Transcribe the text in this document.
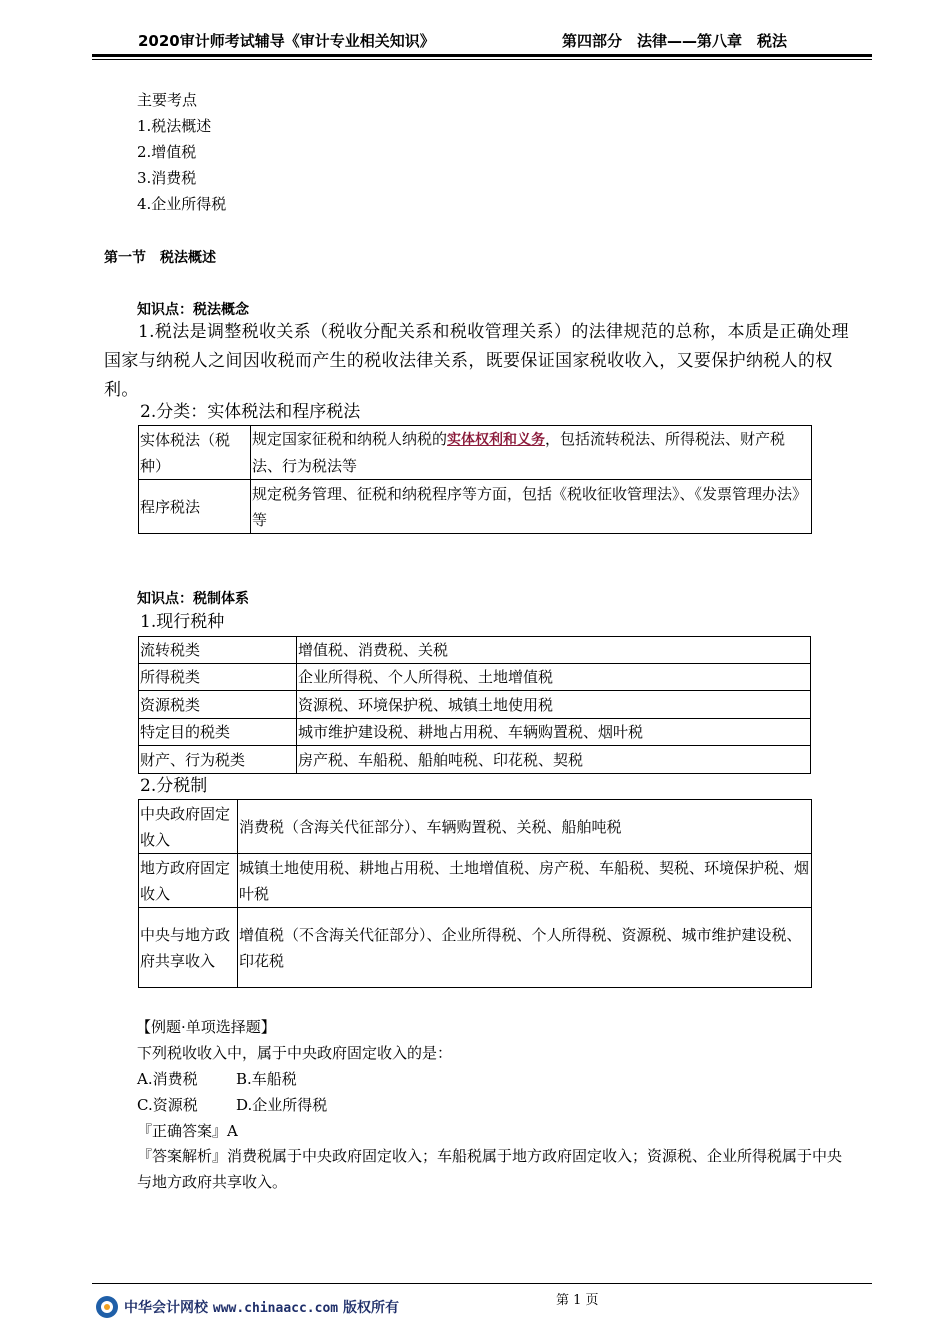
2020审计师考试辅导《审计专业相关知识》	第四部分　法律——第八章　税法
主要考点
1.税法概述
2.增值税
3.消费税
4.企业所得税
第一节　税法概述
知识点：税法概念
1.税法是调整税收关系（税收分配关系和税收管理关系）的法律规范的总称，本质是正确处理国家与纳税人之间因收税而产生的税收法律关系，既要保证国家税收收入，又要保护纳税人的权利。
2.分类：实体税法和程序税法
实体税法（税种）	规定国家征税和纳税人纳税的实体权利和义务，包括流转税法、所得税法、财产税法、行为税法等
程序税法	规定税务管理、征税和纳税程序等方面，包括《税收征收管理法》、《发票管理办法》等
知识点：税制体系
1.现行税种
流转税类	增值税、消费税、关税
所得税类	企业所得税、个人所得税、土地增值税
资源税类	资源税、环境保护税、城镇土地使用税
特定目的税类	城市维护建设税、耕地占用税、车辆购置税、烟叶税
财产、行为税类	房产税、车船税、船舶吨税、印花税、契税
2.分税制
中央政府固定收入	消费税（含海关代征部分）、车辆购置税、关税、船舶吨税
地方政府固定收入	城镇土地使用税、耕地占用税、土地增值税、房产税、车船税、契税、环境保护税、烟叶税
中央与地方政府共享收入	增值税（不含海关代征部分）、企业所得税、个人所得税、资源税、城市维护建设税、印花税
【例题·单项选择题】
下列税收收入中，属于中央政府固定收入的是：
A.消费税	B.车船税
C.资源税	D.企业所得税
『正确答案』A
『答案解析』消费税属于中央政府固定收入；车船税属于地方政府固定收入；资源税、企业所得税属于中央与地方政府共享收入。
第 1 页
中华会计网校 www.chinaacc.com 版权所有
